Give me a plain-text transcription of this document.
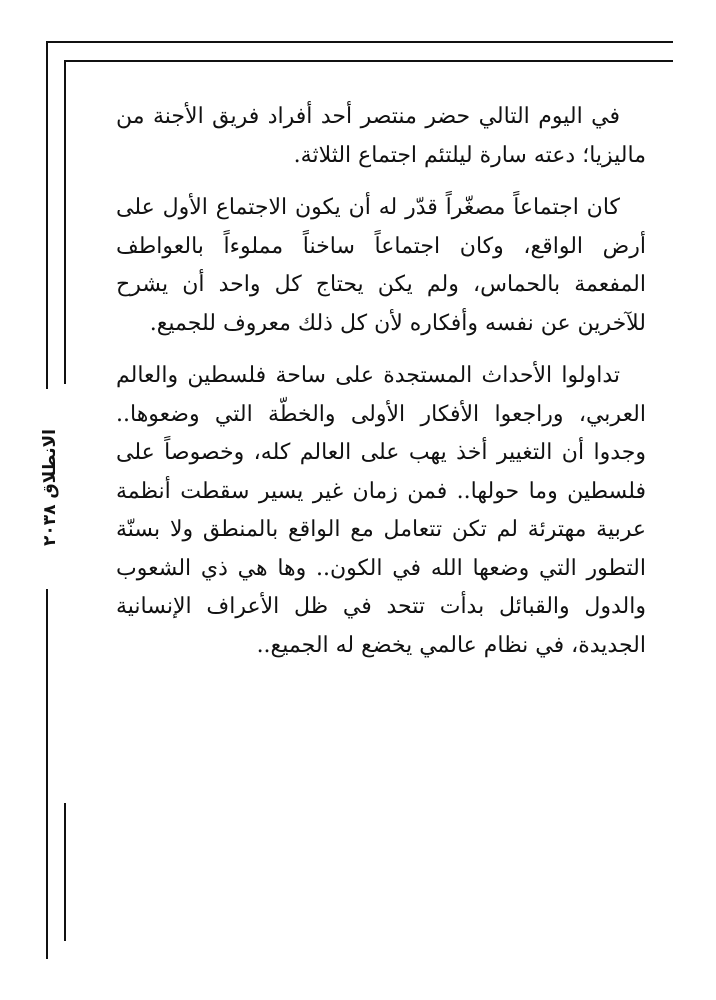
الانطلاق ٢٠٣٨

في اليوم التالي حضر منتصر أحد أفراد فريق الأجنة من ماليزيا؛ دعته سارة ليلتئم اجتماع الثلاثة.

كان اجتماعاً مصغّراً قدّر له أن يكون الاجتماع الأول على أرض الواقع، وكان اجتماعاً ساخناً مملوءاً بالعواطف المفعمة بالحماس، ولم يكن يحتاج كل واحد أن يشرح للآخرين عن نفسه وأفكاره لأن كل ذلك معروف للجميع.

تداولوا الأحداث المستجدة على ساحة فلسطين والعالم العربي، وراجعوا الأفكار الأولى والخطّة التي وضعوها.. وجدوا أن التغيير أخذ يهب على العالم كله، وخصوصاً على فلسطين وما حولها.. فمن زمان غير يسير سقطت أنظمة عربية مهترئة لم تكن تتعامل مع الواقع بالمنطق ولا بسنّة التطور التي وضعها الله في الكون.. وها هي ذي الشعوب والدول والقبائل بدأت تتحد في ظل الأعراف الإنسانية الجديدة، في نظام عالمي يخضع له الجميع..
